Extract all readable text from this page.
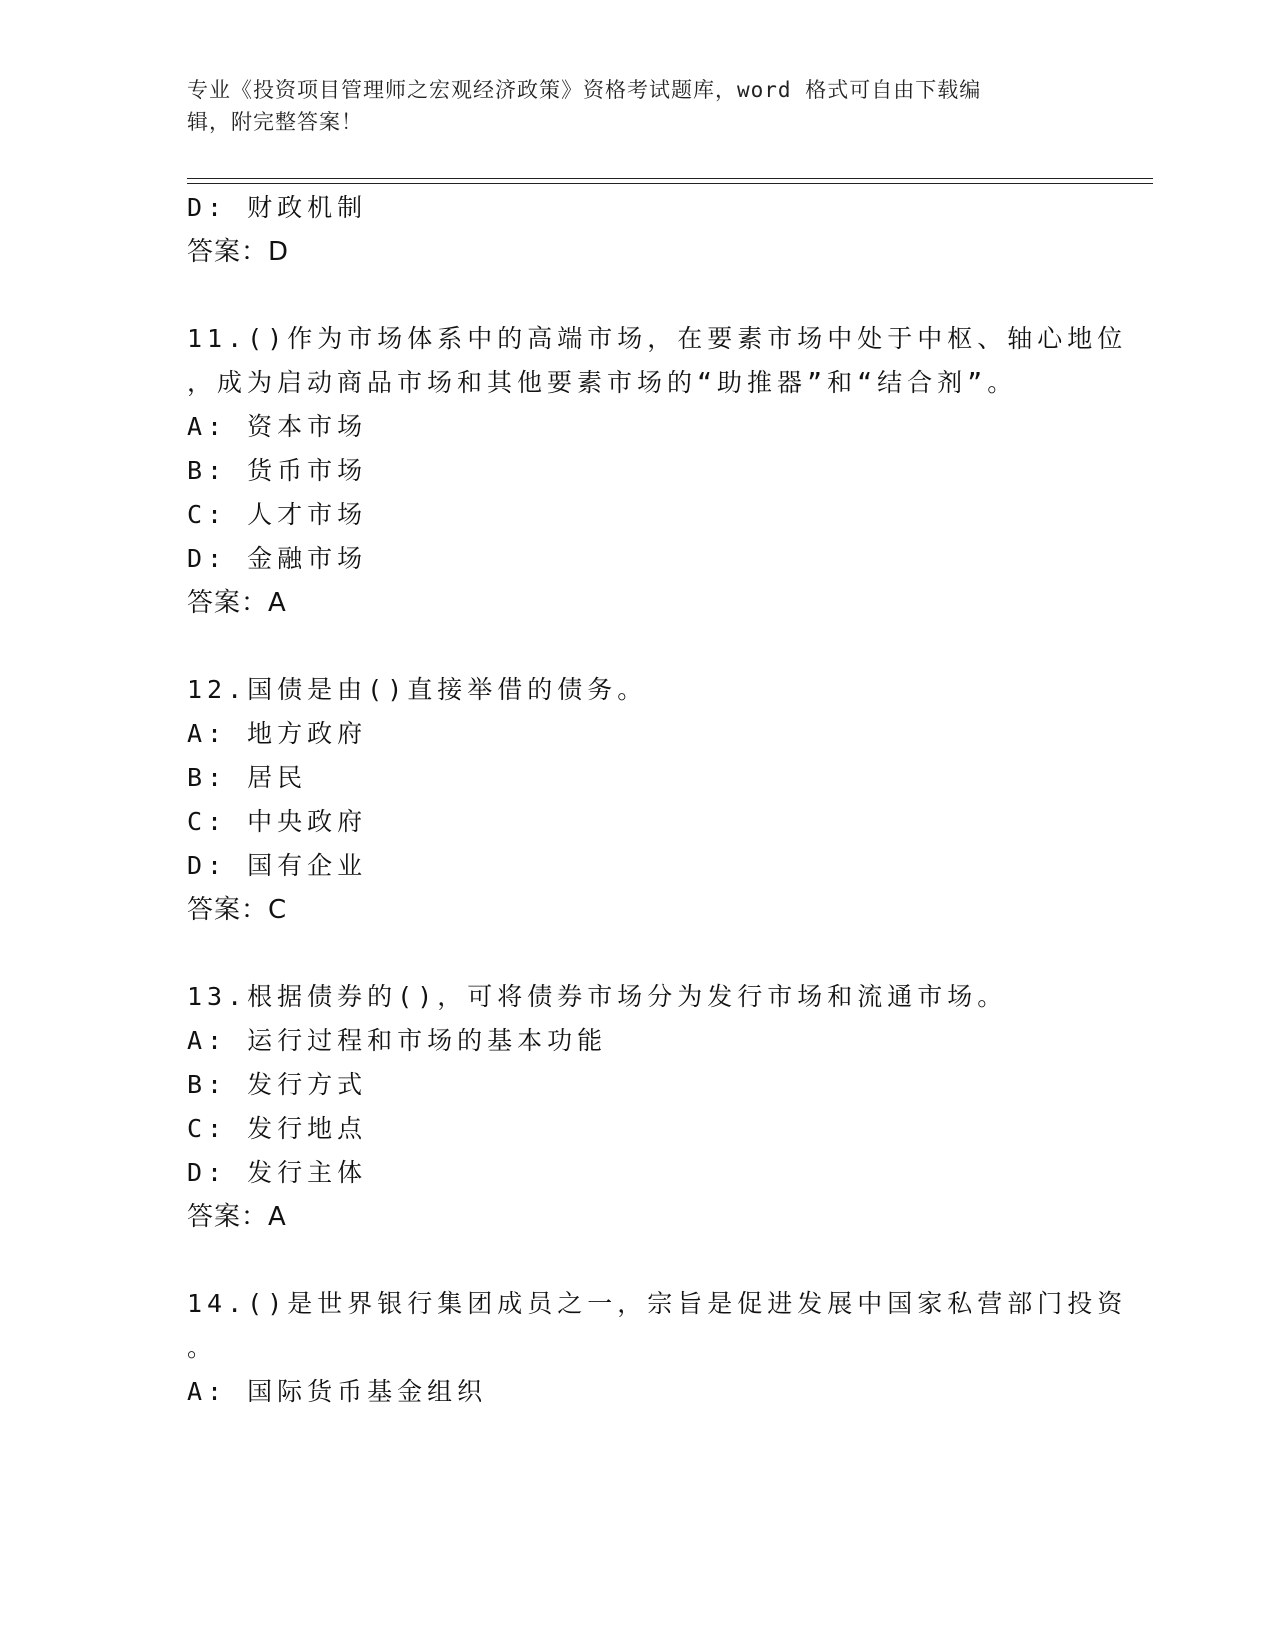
专业《投资项目管理师之宏观经济政策》资格考试题库，word 格式可自由下载编
辑，附完整答案！
D: 财政机制
答案：D
11.()作为市场体系中的高端市场，在要素市场中处于中枢、轴心地位
，成为启动商品市场和其他要素市场的“助推器”和“结合剂”。
A: 资本市场
B: 货币市场
C: 人才市场
D: 金融市场
答案：A
12.国债是由()直接举借的债务。
A: 地方政府
B: 居民
C: 中央政府
D: 国有企业
答案：C
13.根据债券的()，可将债券市场分为发行市场和流通市场。
A: 运行过程和市场的基本功能
B: 发行方式
C: 发行地点
D: 发行主体
答案：A
14.()是世界银行集团成员之一，宗旨是促进发展中国家私营部门投资
。
A: 国际货币基金组织
